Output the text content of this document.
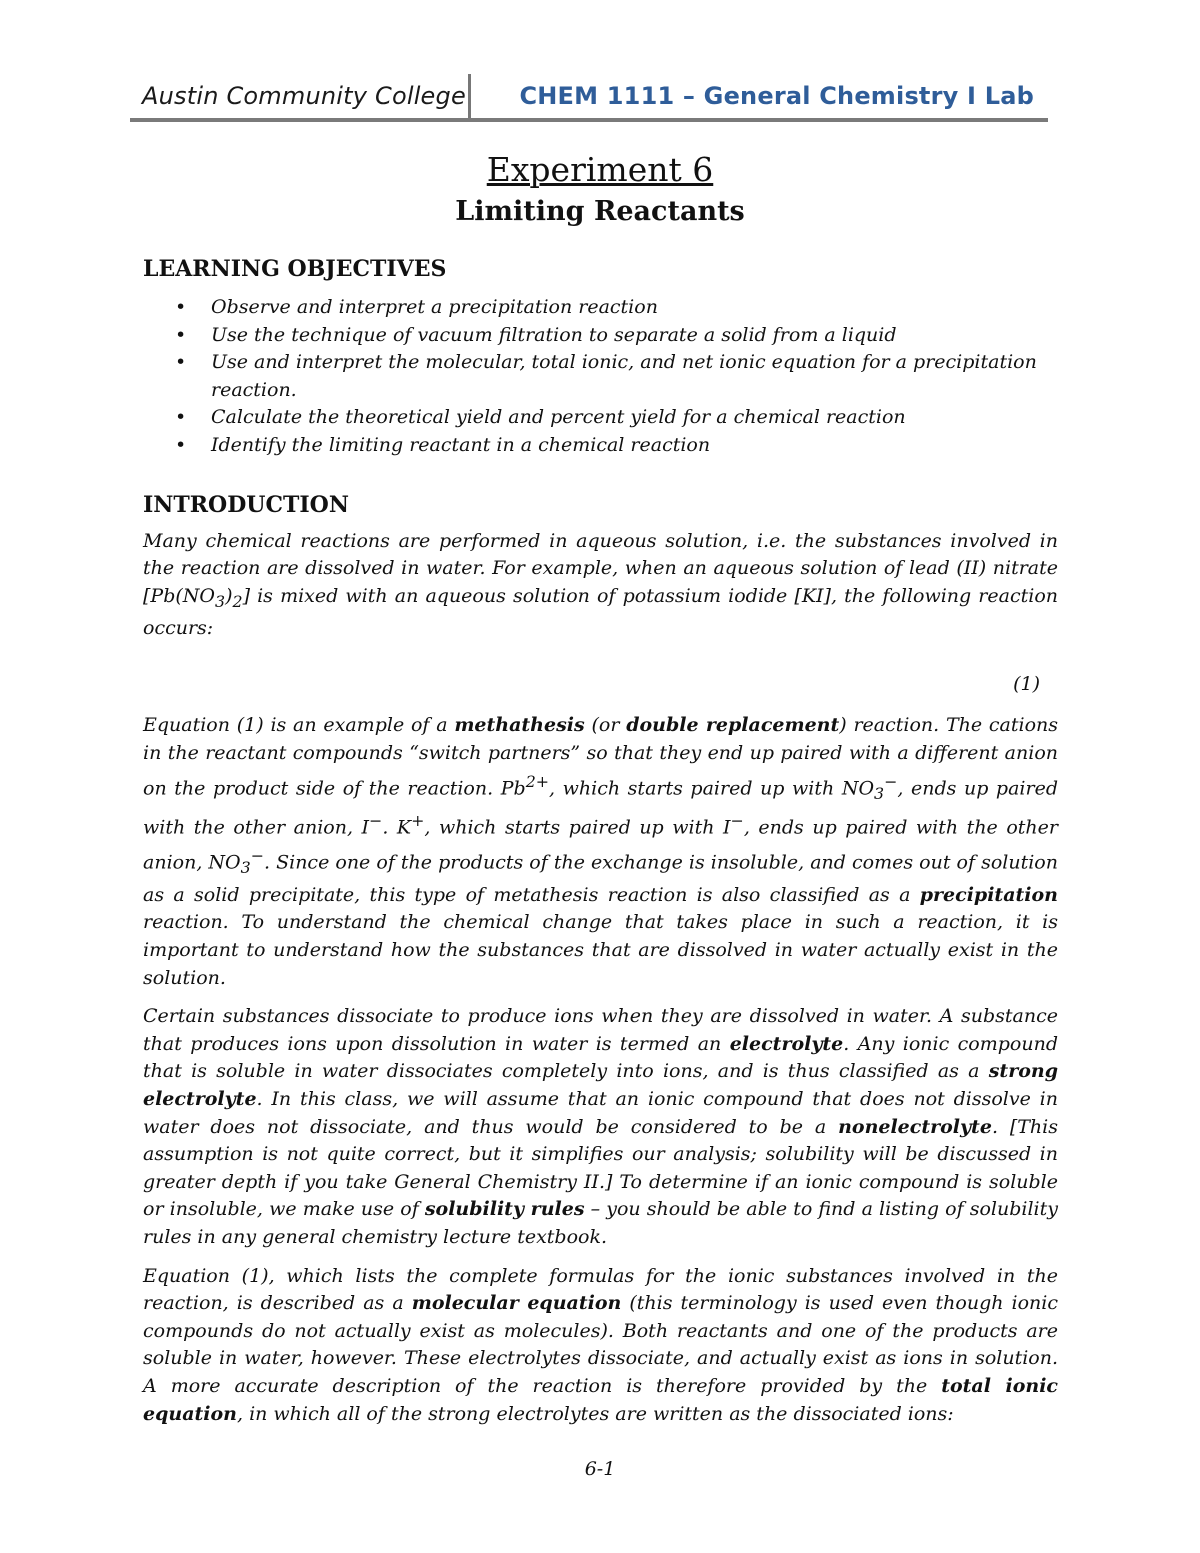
Austin Community College CHEM 1111 – General Chemistry I Lab
Experiment 6
Limiting Reactants
LEARNING OBJECTIVES
• Observe and interpret a precipitation reaction
• Use the technique of vacuum filtration to separate a solid from a liquid
• Use and interpret the molecular, total ionic, and net ionic equation for a precipitation reaction.
• Calculate the theoretical yield and percent yield for a chemical reaction
• Identify the limiting reactant in a chemical reaction
INTRODUCTION

Many chemical reactions are performed in aqueous solution, i.e. the substances involved in the reaction are dissolved in water. For example, when an aqueous solution of lead (II) nitrate $[Pb(NO_3)_2]$ is mixed with an aqueous solution of potassium iodide [KI], the following reaction occurs:

(1)

Equation (1) is an example of a methathesis (or double replacement) reaction. The cations in the reactant compounds “switch partners” so that they end up paired with a different anion on the product side of the reaction. $Pb^{2+}$, which starts paired up with $NO_3^-$, ends up paired with the other anion, I−. K+, which starts paired up with I−, ends up paired with the other anion, $NO_3^-$. Since one of the products of the exchange is insoluble, and comes out of solution as a solid precipitate, this type of metathesis reaction is also classified as a precipitation reaction. To understand the chemical change that takes place in such a reaction, it is important to understand how the substances that are dissolved in water actually exist in the solution.

Certain substances dissociate to produce ions when they are dissolved in water. A substance that produces ions upon dissolution in water is termed an electrolyte. Any ionic compound that is soluble in water dissociates completely into ions, and is thus classified as a strong electrolyte. In this class, we will assume that an ionic compound that does not dissolve in water does not dissociate, and thus would be considered to be a nonelectrolyte. [This assumption is not quite correct, but it simplifies our analysis; solubility will be discussed in greater depth if you take General Chemistry II.] To determine if an ionic compound is soluble or insoluble, we make use of solubility rules – you should be able to find a listing of solubility rules in any general chemistry lecture textbook.

Equation (1), which lists the complete formulas for the ionic substances involved in the reaction, is described as a molecular equation (this terminology is used even though ionic compounds do not actually exist as molecules). Both reactants and one of the products are soluble in water, however. These electrolytes dissociate, and actually exist as ions in solution. A more accurate description of the reaction is therefore provided by the total ionic equation, in which all of the strong electrolytes are written as the dissociated ions:

6-1
